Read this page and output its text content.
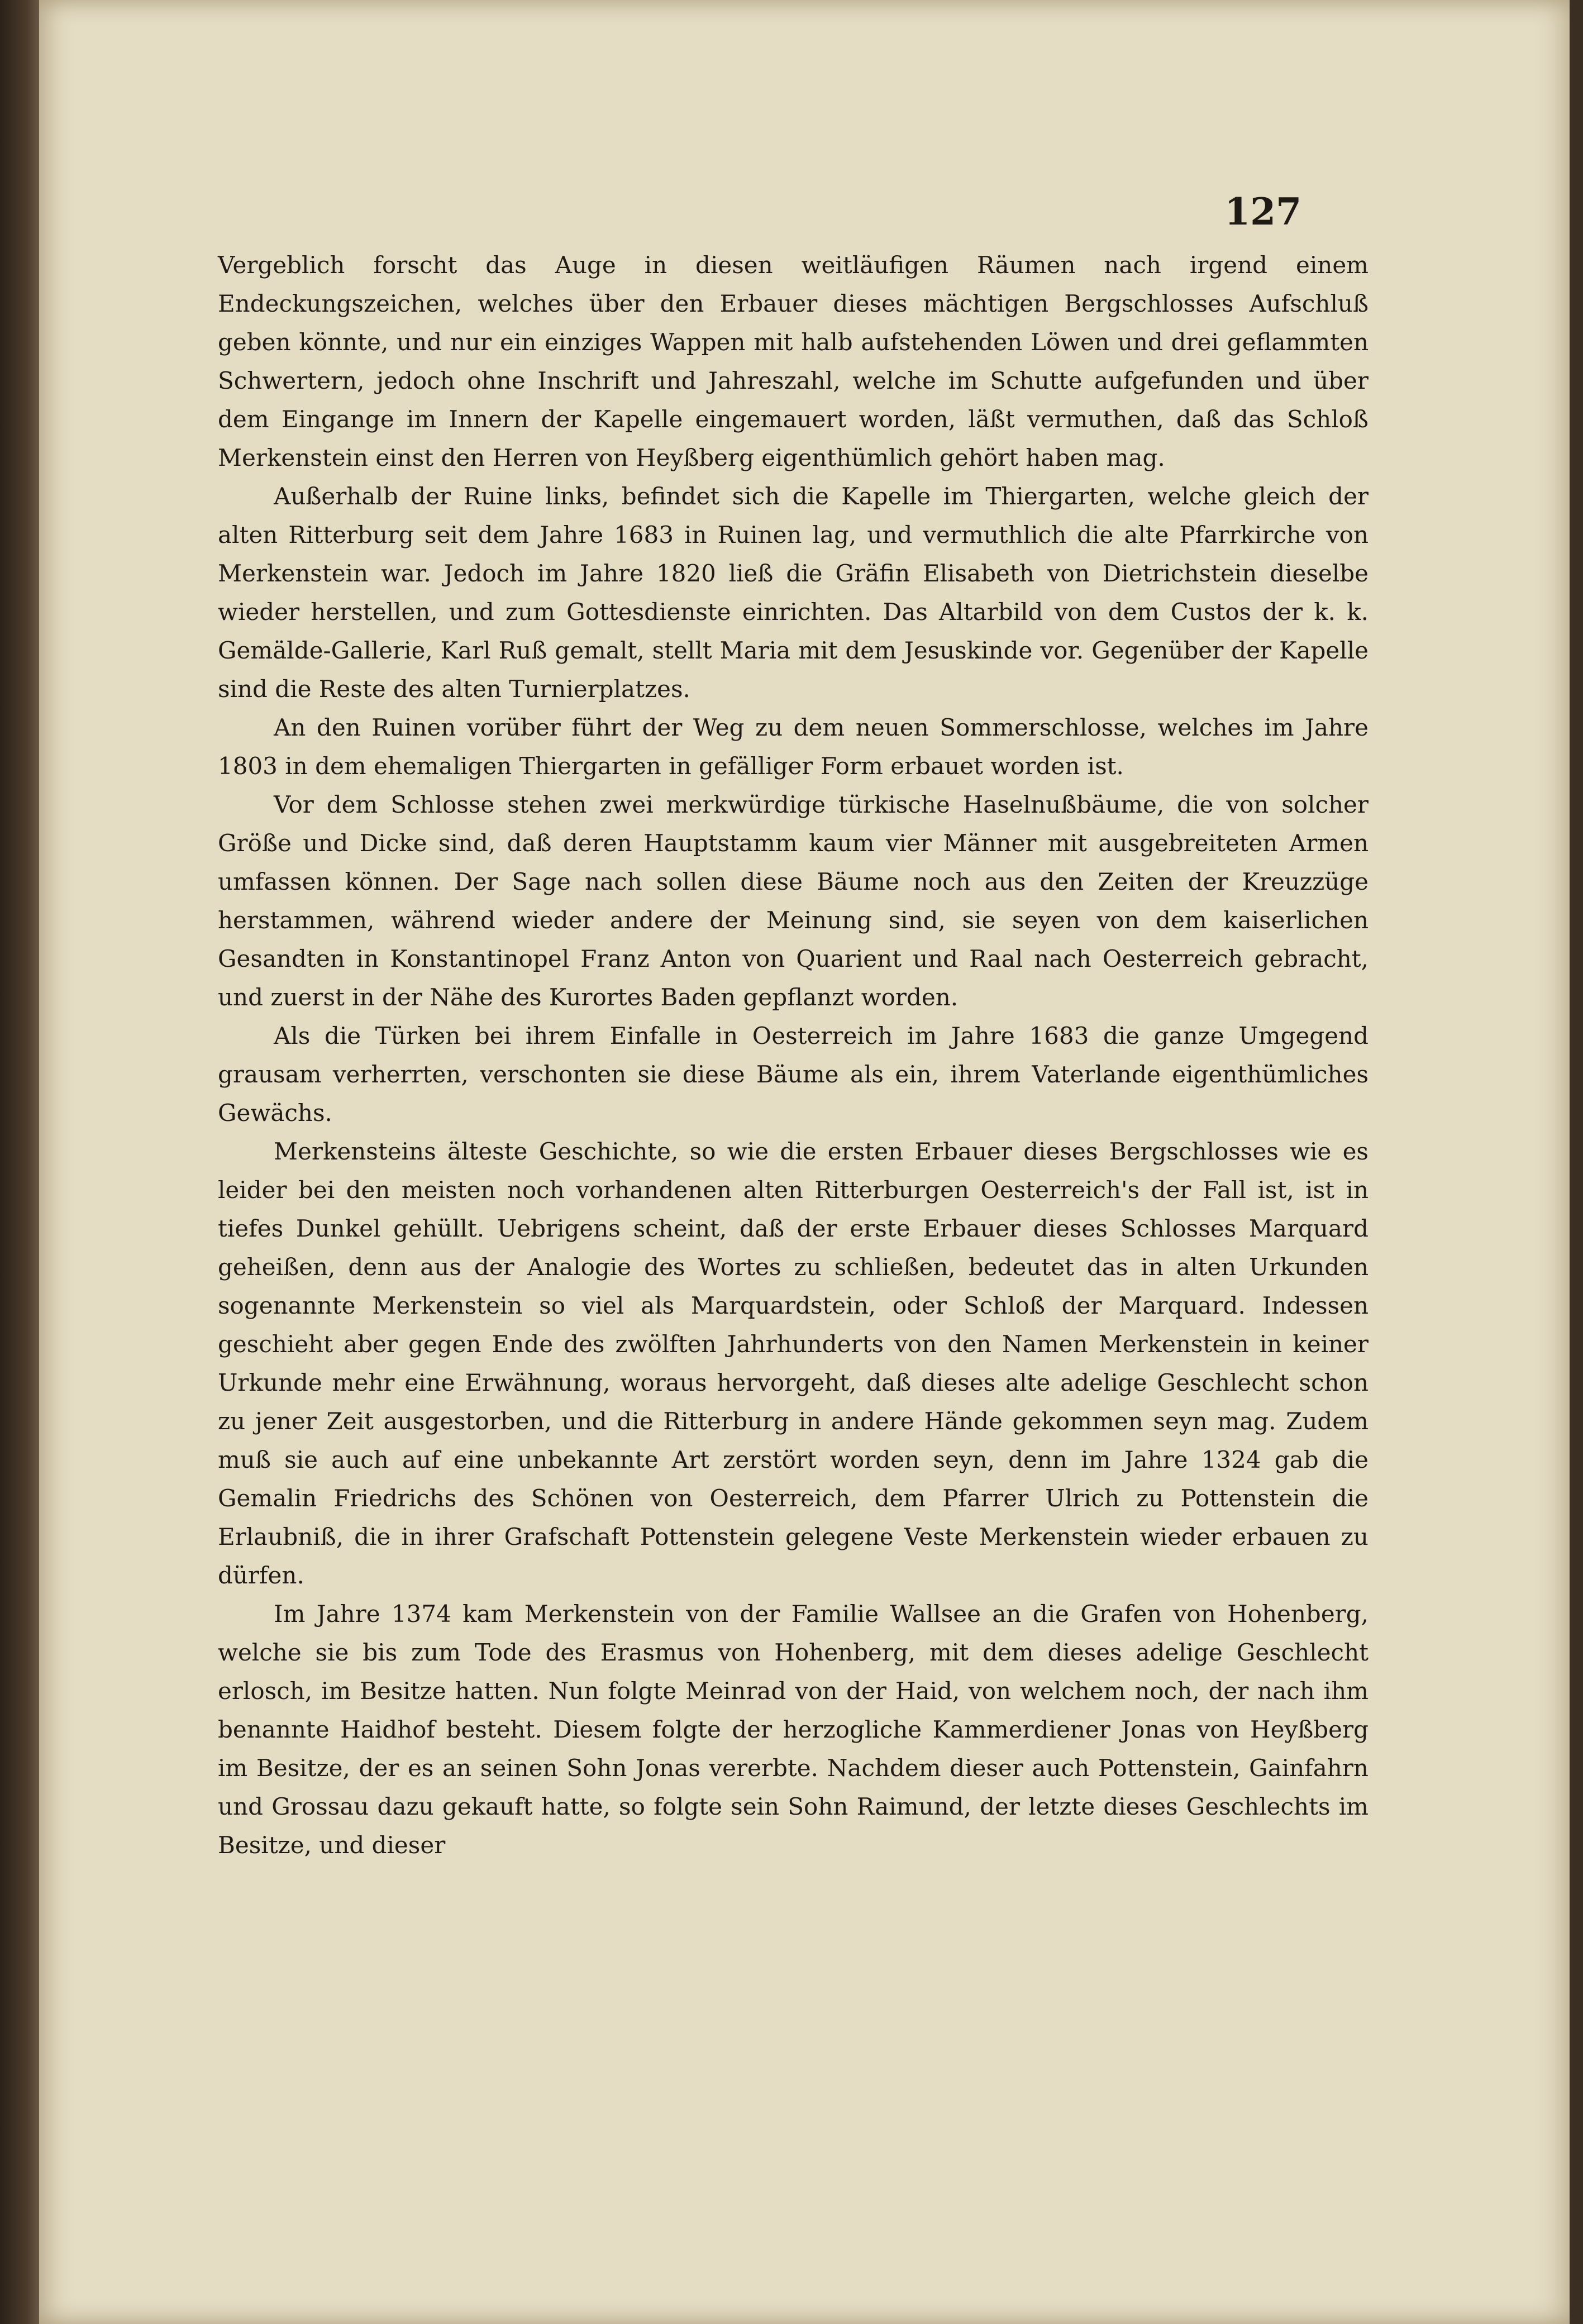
127

Vergeblich forscht das Auge in diesen weitläufigen Räumen nach irgend einem Endeckungszeichen, welches über den Erbauer dieses mächtigen Bergschlosses Aufschluß geben könnte, und nur ein einziges Wappen mit halb aufstehenden Löwen und drei geflammten Schwertern, jedoch ohne Inschrift und Jahreszahl, welche im Schutte aufgefunden und über dem Eingange im Innern der Kapelle eingemauert worden, läßt vermuthen, daß das Schloß Merkenstein einst den Herren von Heyßberg eigenthümlich gehört haben mag.

Außerhalb der Ruine links, befindet sich die Kapelle im Thiergarten, welche gleich der alten Ritterburg seit dem Jahre 1683 in Ruinen lag, und vermuthlich die alte Pfarrkirche von Merkenstein war. Jedoch im Jahre 1820 ließ die Gräfin Elisabeth von Dietrichstein dieselbe wieder herstellen, und zum Gottesdienste einrichten. Das Altarbild von dem Custos der k. k. Gemälde-Gallerie, Karl Ruß gemalt, stellt Maria mit dem Jesuskinde vor. Gegenüber der Kapelle sind die Reste des alten Turnierplatzes.

An den Ruinen vorüber führt der Weg zu dem neuen Sommerschlosse, welches im Jahre 1803 in dem ehemaligen Thiergarten in gefälliger Form erbauet worden ist.

Vor dem Schlosse stehen zwei merkwürdige türkische Haselnußbäume, die von solcher Größe und Dicke sind, daß deren Hauptstamm kaum vier Männer mit ausgebreiteten Armen umfassen können. Der Sage nach sollen diese Bäume noch aus den Zeiten der Kreuzzüge herstammen, während wieder andere der Meinung sind, sie seyen von dem kaiserlichen Gesandten in Konstantinopel Franz Anton von Quarient und Raal nach Oesterreich gebracht, und zuerst in der Nähe des Kurortes Baden gepflanzt worden.

Als die Türken bei ihrem Einfalle in Oesterreich im Jahre 1683 die ganze Umgegend grausam verherrten, verschonten sie diese Bäume als ein, ihrem Vaterlande eigenthümliches Gewächs.

Merkensteins älteste Geschichte, so wie die ersten Erbauer dieses Bergschlosses wie es leider bei den meisten noch vorhandenen alten Ritterburgen Oesterreich's der Fall ist, ist in tiefes Dunkel gehüllt. Uebrigens scheint, daß der erste Erbauer dieses Schlosses Marquard geheißen, denn aus der Analogie des Wortes zu schließen, bedeutet das in alten Urkunden sogenannte Merkenstein so viel als Marquardstein, oder Schloß der Marquard. Indessen geschieht aber gegen Ende des zwölften Jahrhunderts von den Namen Merkenstein in keiner Urkunde mehr eine Erwähnung, woraus hervorgeht, daß dieses alte adelige Geschlecht schon zu jener Zeit ausgestorben, und die Ritterburg in andere Hände gekommen seyn mag. Zudem muß sie auch auf eine unbekannte Art zerstört worden seyn, denn im Jahre 1324 gab die Gemalin Friedrichs des Schönen von Oesterreich, dem Pfarrer Ulrich zu Pottenstein die Erlaubniß, die in ihrer Grafschaft Pottenstein gelegene Veste Merkenstein wieder erbauen zu dürfen.

Im Jahre 1374 kam Merkenstein von der Familie Wallsee an die Grafen von Hohenberg, welche sie bis zum Tode des Erasmus von Hohenberg, mit dem dieses adelige Geschlecht erlosch, im Besitze hatten. Nun folgte Meinrad von der Haid, von welchem noch, der nach ihm benannte Haidhof besteht. Diesem folgte der herzogliche Kammerdiener Jonas von Heyßberg im Besitze, der es an seinen Sohn Jonas vererbte. Nachdem dieser auch Pottenstein, Gainfahrn und Grossau dazu gekauft hatte, so folgte sein Sohn Raimund, der letzte dieses Geschlechts im Besitze, und dieser
